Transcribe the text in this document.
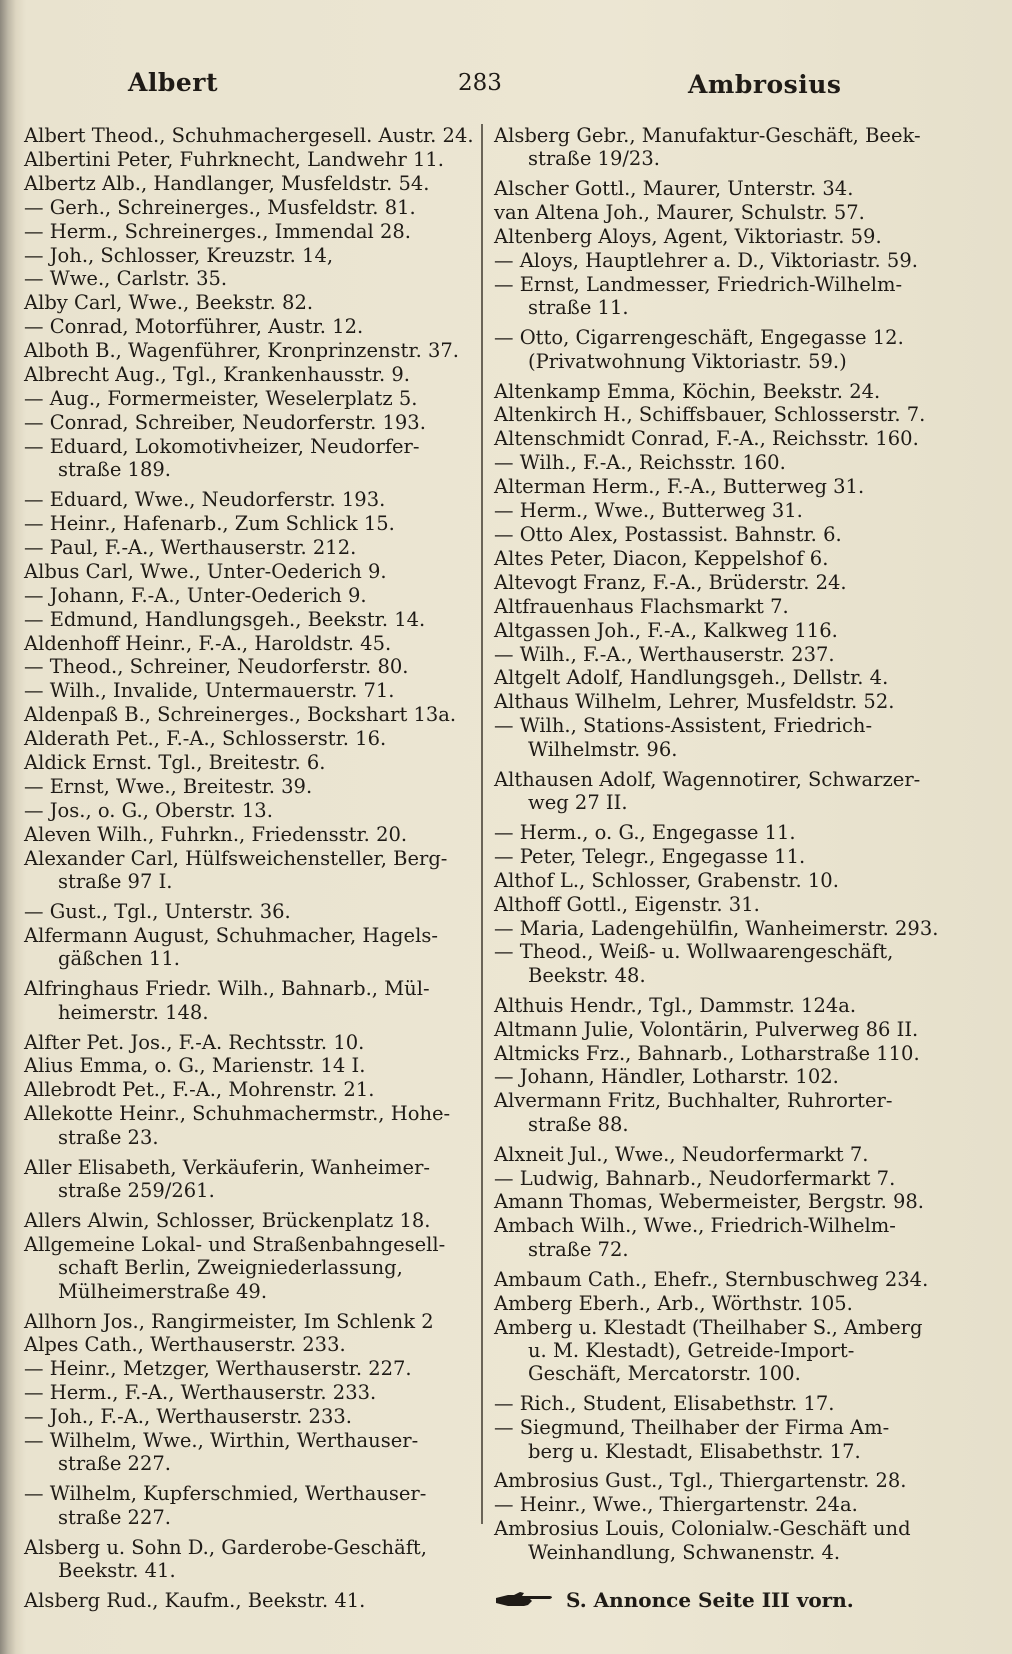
Albert	283	Ambrosius
Albert Theod., Schuhmachergesell. Austr. 24.
Albertini Peter, Fuhrknecht, Landwehr 11.
Albertz Alb., Handlanger, Musfeldstr. 54.
— Gerh., Schreinerges., Musfeldstr. 81.
— Herm., Schreinerges., Immendal 28.
— Joh., Schlosser, Kreuzstr. 14,
— Wwe., Carlstr. 35.
Alby Carl, Wwe., Beekstr. 82.
— Conrad, Motorführer, Austr. 12.
Alboth B., Wagenführer, Kronprinzenstr. 37.
Albrecht Aug., Tgl., Krankenhausstr. 9.
— Aug., Formermeister, Weselerplatz 5.
— Conrad, Schreiber, Neudorferstr. 193.
— Eduard, Lokomotivheizer, Neudorfer-
straße 189.
— Eduard, Wwe., Neudorferstr. 193.
— Heinr., Hafenarb., Zum Schlick 15.
— Paul, F.-A., Werthauserstr. 212.
Albus Carl, Wwe., Unter-Oederich 9.
— Johann, F.-A., Unter-Oederich 9.
— Edmund, Handlungsgeh., Beekstr. 14.
Aldenhoff Heinr., F.-A., Haroldstr. 45.
— Theod., Schreiner, Neudorferstr. 80.
— Wilh., Invalide, Untermauerstr. 71.
Aldenpaß B., Schreinerges., Bockshart 13a.
Alderath Pet., F.-A., Schlosserstr. 16.
Aldick Ernst. Tgl., Breitestr. 6.
— Ernst, Wwe., Breitestr. 39.
— Jos., o. G., Oberstr. 13.
Aleven Wilh., Fuhrkn., Friedensstr. 20.
Alexander Carl, Hülfsweichensteller, Berg-
straße 97 I.
— Gust., Tgl., Unterstr. 36.
Alfermann August, Schuhmacher, Hagels-
gäßchen 11.
Alfringhaus Friedr. Wilh., Bahnarb., Mül-
heimerstr. 148.
Alfter Pet. Jos., F.-A. Rechtsstr. 10.
Alius Emma, o. G., Marienstr. 14 I.
Allebrodt Pet., F.-A., Mohrenstr. 21.
Allekotte Heinr., Schuhmachermstr., Hohe-
straße 23.
Aller Elisabeth, Verkäuferin, Wanheimer-
straße 259/261.
Allers Alwin, Schlosser, Brückenplatz 18.
Allgemeine Lokal- und Straßenbahngesell-
schaft Berlin, Zweigniederlassung,
Mülheimerstraße 49.
Allhorn Jos., Rangirmeister, Im Schlenk 2
Alpes Cath., Werthauserstr. 233.
— Heinr., Metzger, Werthauserstr. 227.
— Herm., F.-A., Werthauserstr. 233.
— Joh., F.-A., Werthauserstr. 233.
— Wilhelm, Wwe., Wirthin, Werthauser-
straße 227.
— Wilhelm, Kupferschmied, Werthauser-
straße 227.
Alsberg u. Sohn D., Garderobe-Geschäft,
Beekstr. 41.
Alsberg Rud., Kaufm., Beekstr. 41.
Alsberg Gebr., Manufaktur-Geschäft, Beek-
straße 19/23.
Alscher Gottl., Maurer, Unterstr. 34.
van Altena Joh., Maurer, Schulstr. 57.
Altenberg Aloys, Agent, Viktoriastr. 59.
— Aloys, Hauptlehrer a. D., Viktoriastr. 59.
— Ernst, Landmesser, Friedrich-Wilhelm-
straße 11.
— Otto, Cigarrengeschäft, Engegasse 12.
(Privatwohnung Viktoriastr. 59.)
Altenkamp Emma, Köchin, Beekstr. 24.
Altenkirch H., Schiffsbauer, Schlosserstr. 7.
Altenschmidt Conrad, F.-A., Reichsstr. 160.
— Wilh., F.-A., Reichsstr. 160.
Alterman Herm., F.-A., Butterweg 31.
— Herm., Wwe., Butterweg 31.
— Otto Alex, Postassist. Bahnstr. 6.
Altes Peter, Diacon, Keppelshof 6.
Altevogt Franz, F.-A., Brüderstr. 24.
Altfrauenhaus Flachsmarkt 7.
Altgassen Joh., F.-A., Kalkweg 116.
— Wilh., F.-A., Werthauserstr. 237.
Altgelt Adolf, Handlungsgeh., Dellstr. 4.
Althaus Wilhelm, Lehrer, Musfeldstr. 52.
— Wilh., Stations-Assistent, Friedrich-
Wilhelmstr. 96.
Althausen Adolf, Wagennotirer, Schwarzer-
weg 27 II.
— Herm., o. G., Engegasse 11.
— Peter, Telegr., Engegasse 11.
Althof L., Schlosser, Grabenstr. 10.
Althoff Gottl., Eigenstr. 31.
— Maria, Ladengehülfin, Wanheimerstr. 293.
— Theod., Weiß- u. Wollwaarengeschäft,
Beekstr. 48.
Althuis Hendr., Tgl., Dammstr. 124a.
Altmann Julie, Volontärin, Pulverweg 86 II.
Altmicks Frz., Bahnarb., Lotharstraße 110.
— Johann, Händler, Lotharstr. 102.
Alvermann Fritz, Buchhalter, Ruhrorter-
straße 88.
Alxneit Jul., Wwe., Neudorfermarkt 7.
— Ludwig, Bahnarb., Neudorfermarkt 7.
Amann Thomas, Webermeister, Bergstr. 98.
Ambach Wilh., Wwe., Friedrich-Wilhelm-
straße 72.
Ambaum Cath., Ehefr., Sternbuschweg 234.
Amberg Eberh., Arb., Wörthstr. 105.
Amberg u. Klestadt (Theilhaber S., Amberg
u. M. Klestadt), Getreide-Import-
Geschäft, Mercatorstr. 100.
— Rich., Student, Elisabethstr. 17.
— Siegmund, Theilhaber der Firma Am-
berg u. Klestadt, Elisabethstr. 17.
Ambrosius Gust., Tgl., Thiergartenstr. 28.
— Heinr., Wwe., Thiergartenstr. 24a.
Ambrosius Louis, Colonialw.-Geschäft und
Weinhandlung, Schwanenstr. 4.
S. Annonce Seite III vorn.
